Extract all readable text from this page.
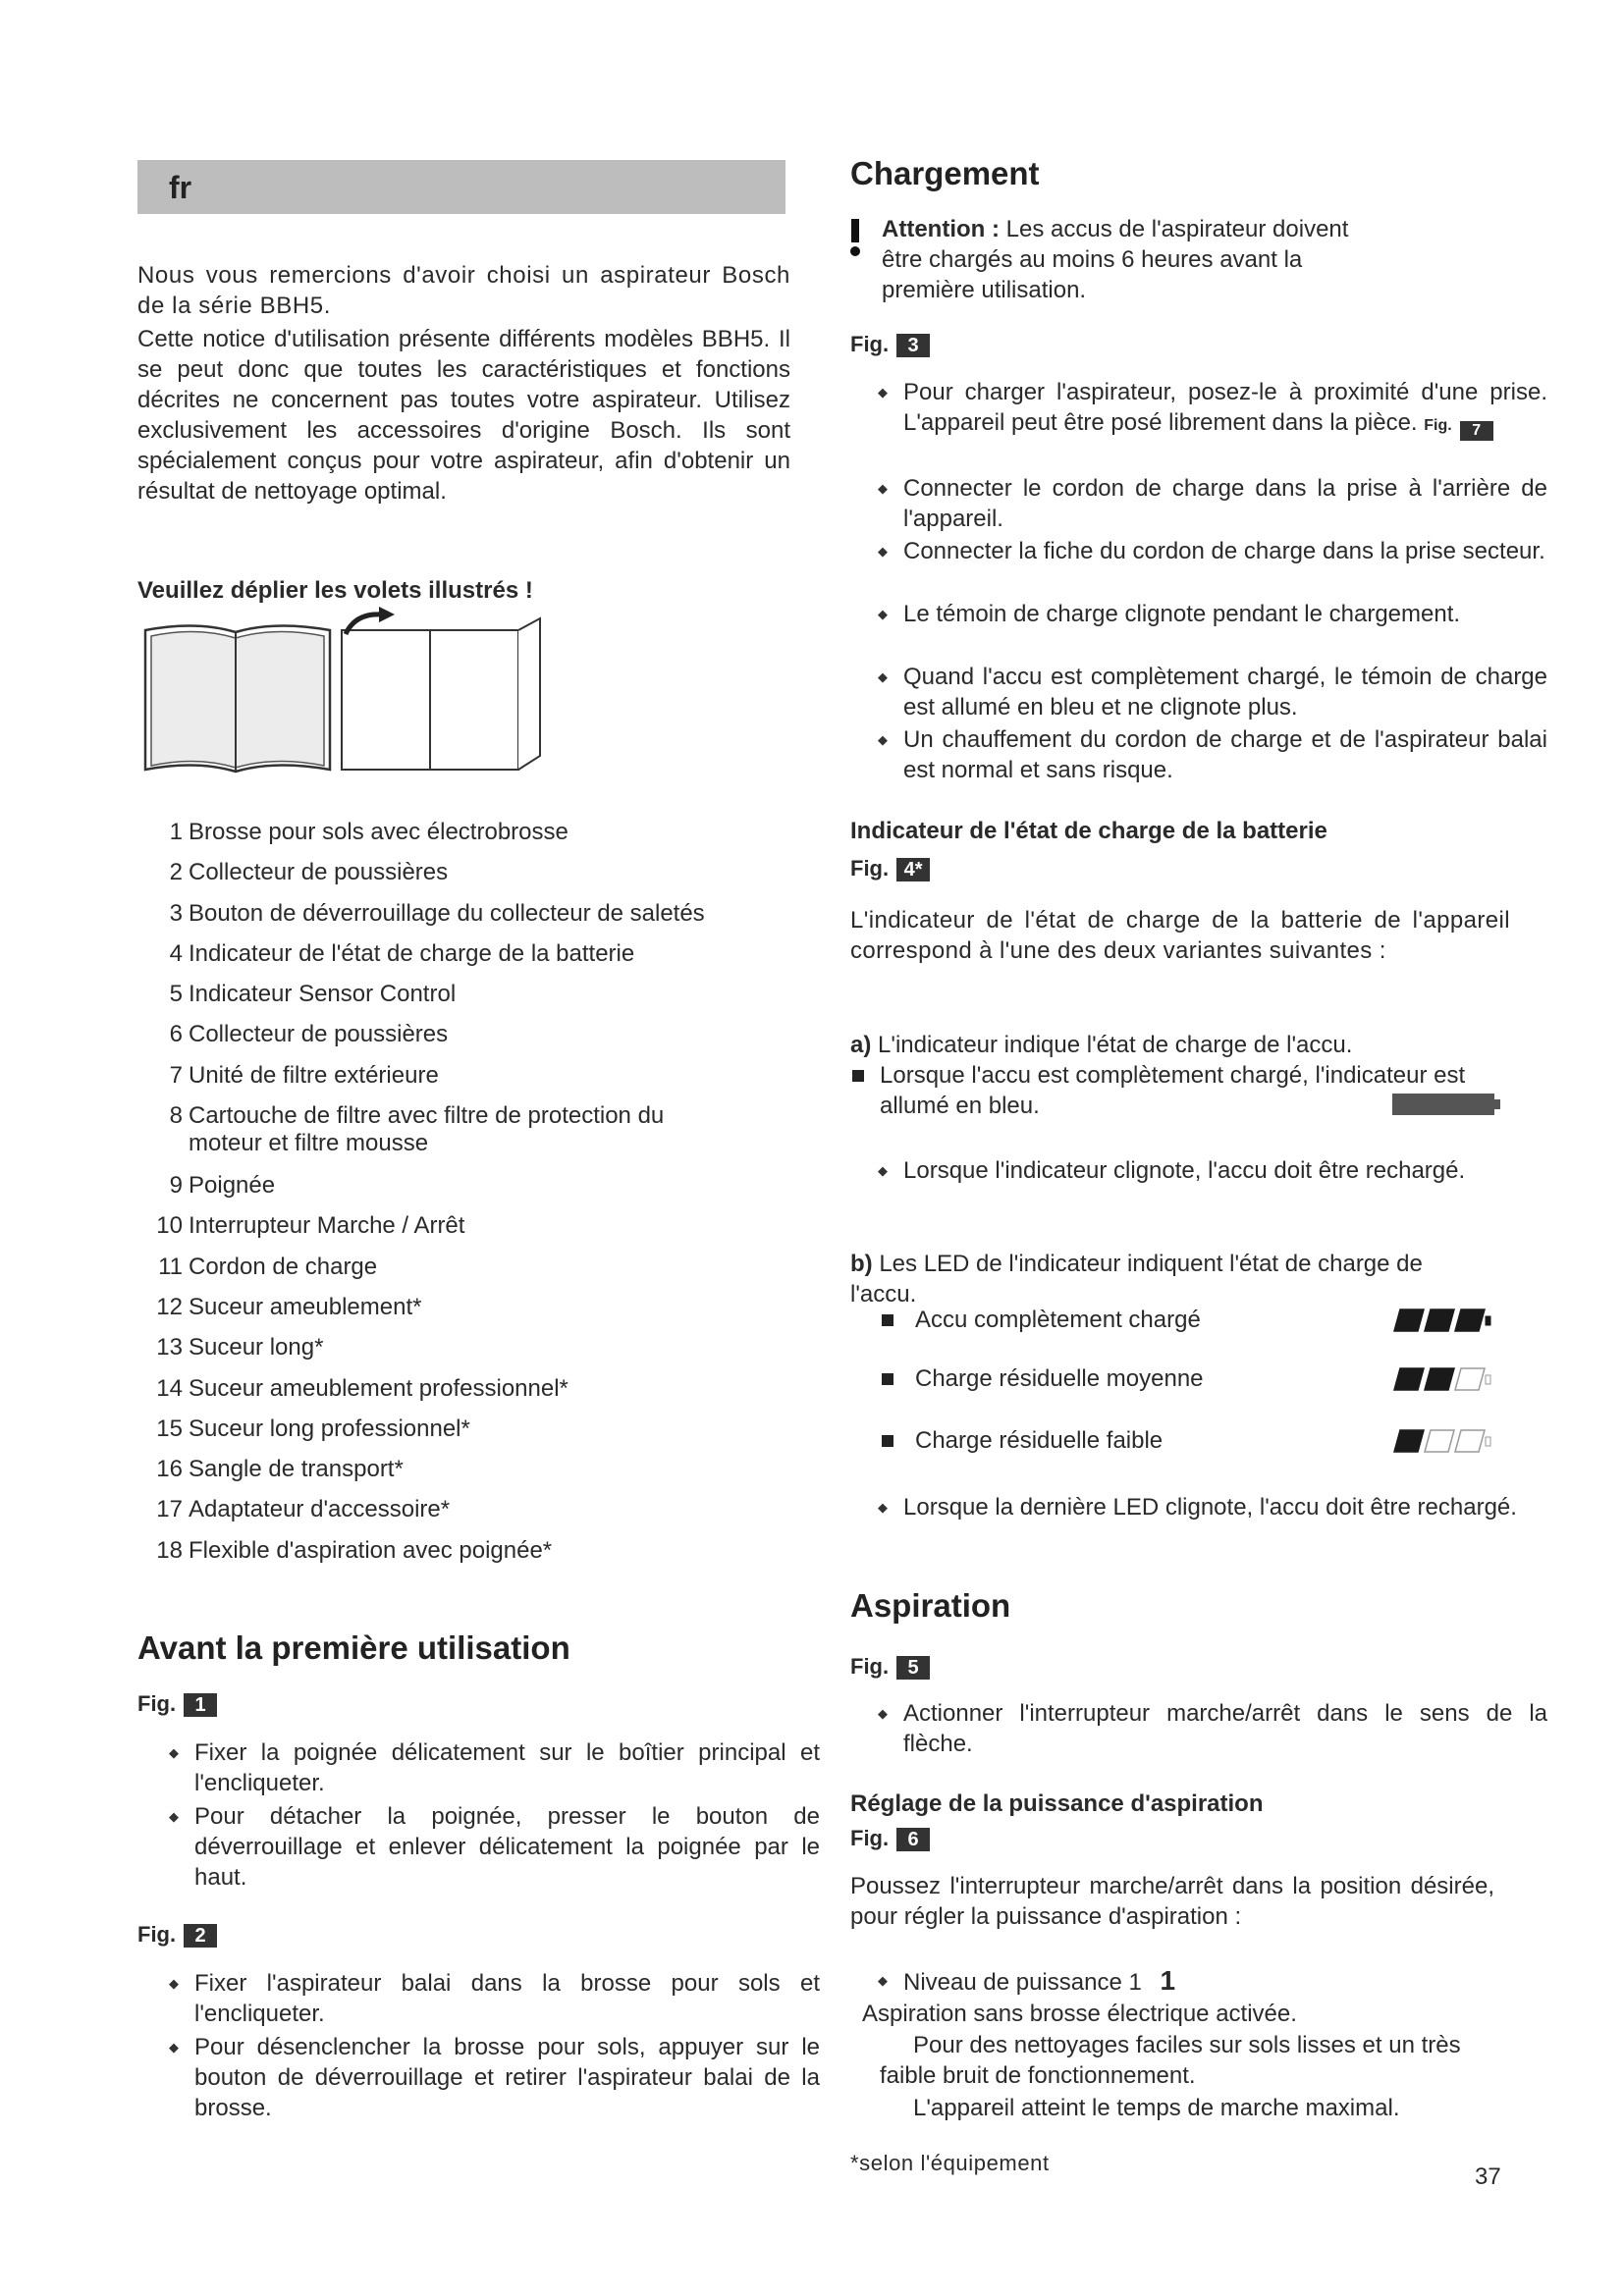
fr

Nous vous remercions d'avoir choisi un aspirateur Bosch de la série BBH5.

Cette notice d'utilisation présente différents modèles BBH5. Il se peut donc que toutes les caractéristiques et fonctions décrites ne concernent pas toutes votre aspirateur. Utilisez exclusivement les accessoires d'origine Bosch. Ils sont spécialement conçus pour votre aspirateur, afin d'obtenir un résultat de nettoyage optimal.

Veuillez déplier les volets illustrés !
1 Brosse pour sols avec électrobrosse
2 Collecteur de poussières
3 Bouton de déverrouillage du collecteur de saletés
4 Indicateur de l'état de charge de la batterie
5 Indicateur Sensor Control
6 Collecteur de poussières
7 Unité de filtre extérieure
8 Cartouche de filtre avec filtre de protection du moteur et filtre mousse
9 Poignée
10 Interrupteur Marche / Arrêt
11 Cordon de charge
12 Suceur ameublement*
13 Suceur long*
14 Suceur ameublement professionnel*
15 Suceur long professionnel*
16 Sangle de transport*
17 Adaptateur d'accessoire*
18 Flexible d'aspiration avec poignée*
Avant la première utilisation
Fig. 1
◆ Fixer la poignée délicatement sur le boîtier principal et l'encliqueter.
◆ Pour détacher la poignée, presser le bouton de déverrouillage et enlever délicatement la poignée par le haut.
Fig. 2
◆ Fixer l'aspirateur balai dans la brosse pour sols et l'encliqueter.
◆ Pour désenclencher la brosse pour sols, appuyer sur le bouton de déverrouillage et retirer l'aspirateur balai de la brosse.
Chargement

Attention : Les accus de l'aspirateur doivent être chargés au moins 6 heures avant la première utilisation.

Fig. 3
◆ Pour charger l'aspirateur, posez-le à proximité d'une prise. L'appareil peut être posé librement dans la pièce. Fig.	7
◆ Connecter le cordon de charge dans la prise à l'arrière de l'appareil.
◆ Connecter la fiche du cordon de charge dans la prise secteur.
◆ Le témoin de charge clignote pendant le chargement.
◆ Quand l'accu est complètement chargé, le témoin de charge est allumé en bleu et ne clignote plus.
◆ Un chauffement du cordon de charge et de l'aspirateur balai est normal et sans risque.
Indicateur de l'état de charge de la batterie
Fig. 4*

L'indicateur de l'état de charge de la batterie de l'appareil correspond à l'une des deux variantes suivantes :

a) L'indicateur indique l'état de charge de l'accu.
Lorsque l'accu est complètement chargé, l'indicateur est allumé en bleu.
◆ Lorsque l'indicateur clignote, l'accu doit être rechargé.
b) Les LED de l'indicateur indiquent l'état de charge de l'accu.
Accu complètement chargé
Charge résiduelle moyenne
Charge résiduelle faible
◆ Lorsque la dernière LED clignote, l'accu doit être rechargé.
Aspiration
Fig. 5
◆ Actionner l'interrupteur marche/arrêt dans le sens de la flèche.
Réglage de la puissance d'aspiration
Fig. 6

Poussez l'interrupteur marche/arrêt dans la position désirée, pour régler la puissance d'aspiration :

◆ Niveau de puissance 1 1

Aspiration sans brosse électrique activée.

Pour des nettoyages faciles sur sols lisses et un très faible bruit de fonctionnement.

L'appareil atteint le temps de marche maximal.

*selon l'équipement
37
